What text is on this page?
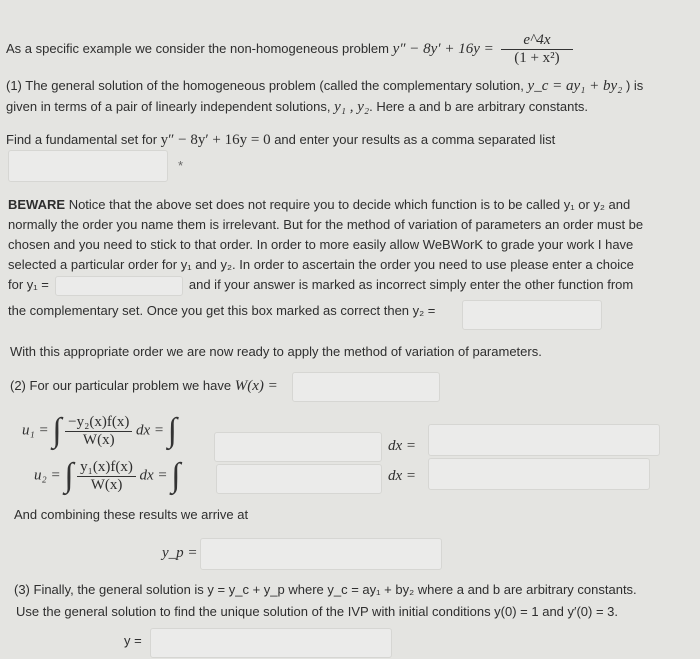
As a specific example we consider the non-homogeneous problem $y'' - 8y' + 16y = \frac{e\^{}4x}{\text{(1 + x²)}}$
(1) The general solution of the homogeneous problem (called the complementary solution, y_c = ay₁ + by₂ ) is
given in terms of a pair of linearly independent solutions, y₁ , y₂. Here a and b are arbitrary constants.
Find a fundamental set for y″ − 8y′ + 16y = 0 and enter your results as a comma separated list
*
BEWARE Notice that the above set does not require you to decide which function is to be called y₁ or y₂ and
normally the order you name them is irrelevant. But for the method of variation of parameters an order must be
chosen and you need to stick to that order. In order to more easily allow WeBWorK to grade your work I have
selected a particular order for y₁ and y₂. In order to ascertain the order you need to use please enter a choice
for y₁ =	and if your answer is marked as incorrect simply enter the other function from
the complementary set. Once you get this box marked as correct then y₂ =
With this appropriate order we are now ready to apply the method of variation of parameters.
(2) For our particular problem we have W(x) =
u₁ = ∫ $\frac{\text{−y₂(x)f(x)}}{W(x)}$ dx = ∫	dx =
u₂ = ∫ $\frac{\text{y₁(x)f(x)}}{W(x)}$ dx = ∫	dx =
And combining these results we arrive at
y_p =
(3) Finally, the general solution is y = y_c + y_p where y_c = ay₁ + by₂ where a and b are arbitrary constants.
Use the general solution to find the unique solution of the IVP with initial conditions y(0) = 1 and y′(0) = 3.
y =
